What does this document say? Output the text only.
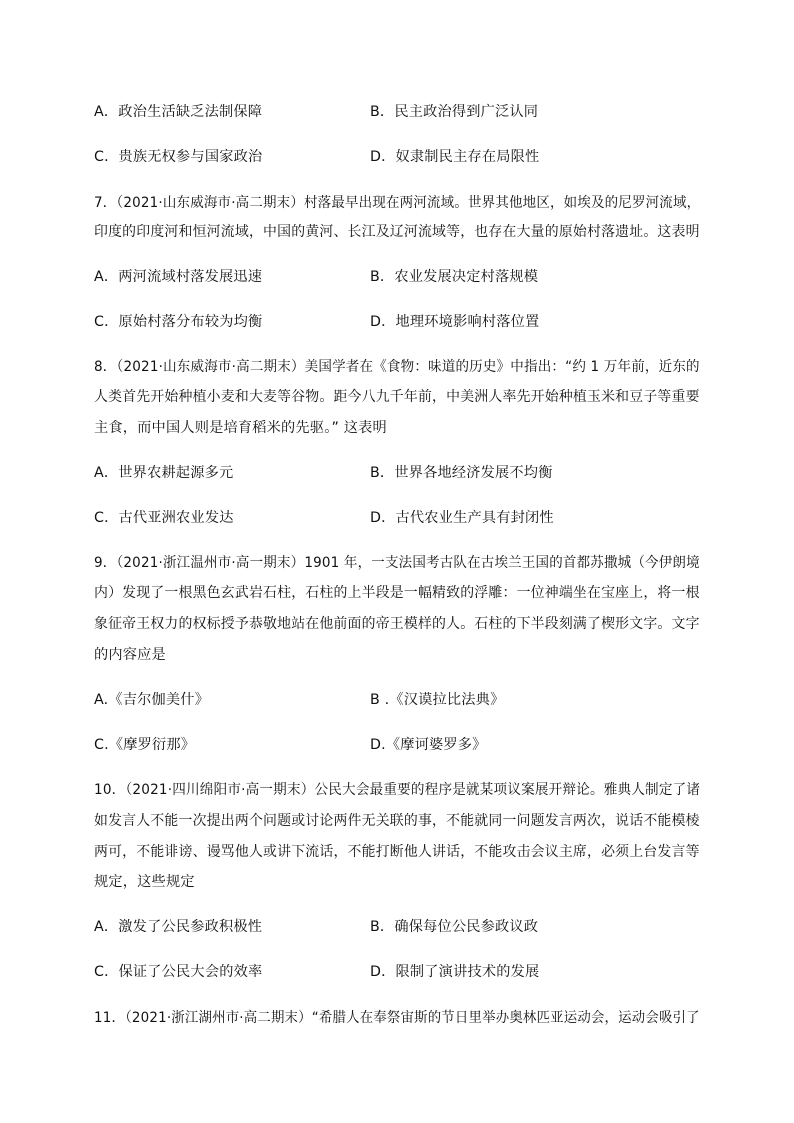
A．政治生活缺乏法制保障	B．民主政治得到广泛认同
C．贵族无权参与国家政治	D．奴隶制民主存在局限性
7．（2021·山东威海市·高二期末）村落最早出现在两河流域。世界其他地区，如埃及的尼罗河流域，
印度的印度河和恒河流域，中国的黄河、长江及辽河流域等，也存在大量的原始村落遗址。这表明
A．两河流域村落发展迅速	B．农业发展决定村落规模
C．原始村落分布较为均衡	D．地理环境影响村落位置
8．（2021·山东威海市·高二期末）美国学者在《食物：味道的历史》中指出：“约 1 万年前，近东的
人类首先开始种植小麦和大麦等谷物。距今八九千年前，中美洲人率先开始种植玉米和豆子等重要
主食，而中国人则是培育稻米的先驱。” 这表明
A．世界农耕起源多元	B．世界各地经济发展不均衡
C．古代亚洲农业发达	D．古代农业生产具有封闭性
9．（2021·浙江温州市·高一期末）1901 年，一支法国考古队在古埃兰王国的首都苏撒城（今伊朗境
内）发现了一根黑色玄武岩石柱，石柱的上半段是一幅精致的浮雕：一位神端坐在宝座上，将一根
象征帝王权力的权标授予恭敬地站在他前面的帝王模样的人。石柱的下半段刻满了楔形文字。文字
的内容应是
A.《吉尔伽美什》	B .《汉谟拉比法典》
C.《摩罗衍那》	D.《摩诃婆罗多》
10．（2021·四川绵阳市·高一期末）公民大会最重要的程序是就某项议案展开辩论。雅典人制定了诸
如发言人不能一次提出两个问题或讨论两件无关联的事，不能就同一问题发言两次，说话不能模棱
两可，不能诽谤、谩骂他人或讲下流话，不能打断他人讲话，不能攻击会议主席，必须上台发言等
规定，这些规定
A．激发了公民参政积极性	B．确保每位公民参政议政
C．保证了公民大会的效率	D．限制了演讲技术的发展
11．（2021·浙江湖州市·高二期末）“希腊人在奉祭宙斯的节日里举办奥林匹亚运动会，运动会吸引了
